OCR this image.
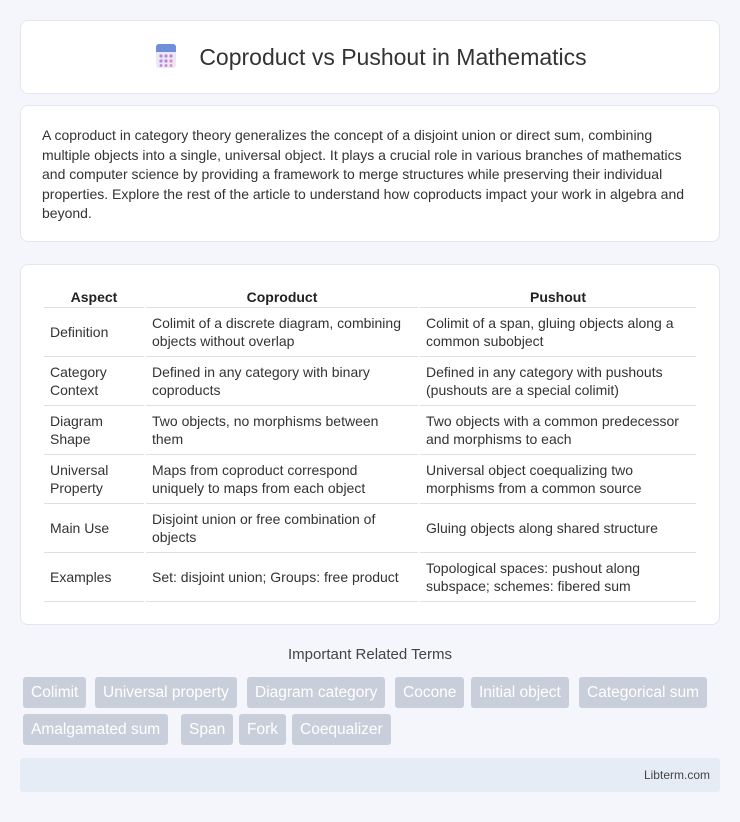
Coproduct vs Pushout in Mathematics

A coproduct in category theory generalizes the concept of a disjoint union or direct sum, combining multiple objects into a single, universal object. It plays a crucial role in various branches of mathematics and computer science by providing a framework to merge structures while preserving their individual properties. Explore the rest of the article to understand how coproducts impact your work in algebra and beyond.

Aspect	Coproduct	Pushout
Definition	Colimit of a discrete diagram, combining objects without overlap	Colimit of a span, gluing objects along a common subobject
Category Context	Defined in any category with binary coproducts	Defined in any category with pushouts (pushouts are a special colimit)
Diagram Shape	Two objects, no morphisms between them	Two objects with a common predecessor and morphisms to each
Universal Property	Maps from coproduct correspond uniquely to maps from each object	Universal object coequalizing two morphisms from a common source
Main Use	Disjoint union or free combination of objects	Gluing objects along shared structure
Examples	Set: disjoint union; Groups: free product	Topological spaces: pushout along subspace; schemes: fibered sum
Important Related Terms
Colimit	Universal property	Diagram category	Cocone	Initial object	Categorical sum
Amalgamated sum	Span	Fork	Coequalizer
Libterm.com
